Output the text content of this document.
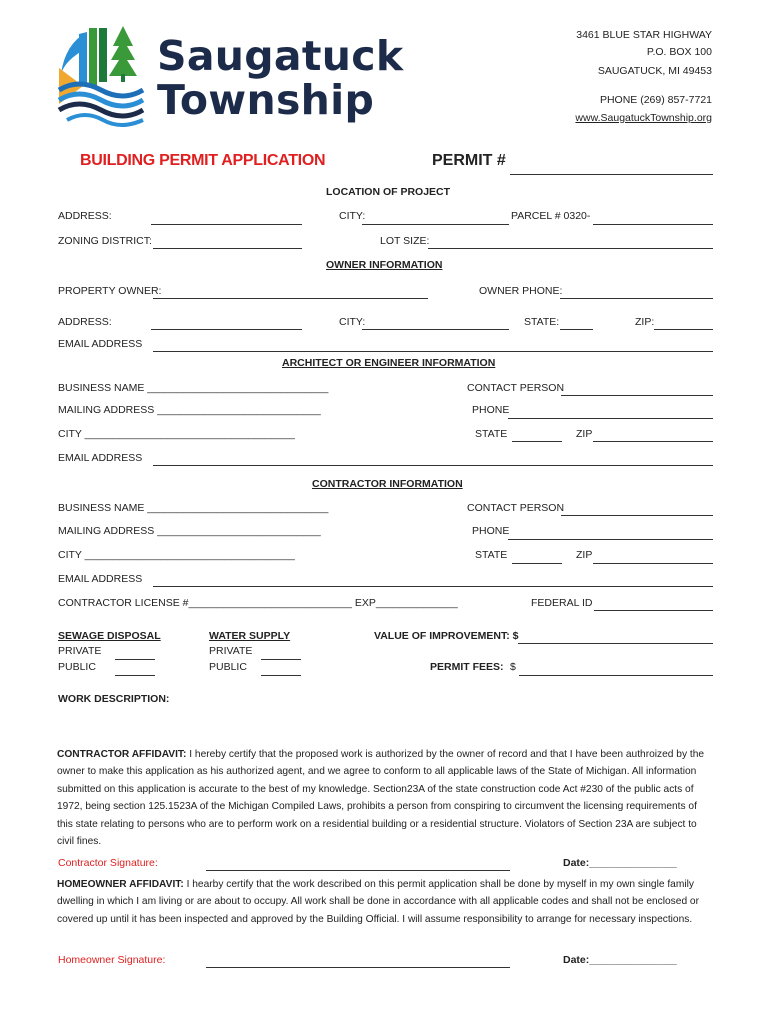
Saugatuck
Township
3461 BLUE STAR HIGHWAY
P.O. BOX 100
SAUGATUCK, MI 49453
PHONE (269) 857-7721
www.SaugatuckTownship.org
BUILDING PERMIT APPLICATION	PERMIT #
LOCATION OF PROJECT
ADDRESS:	CITY:	PARCEL # 0320-
ZONING DISTRICT:	LOT SIZE:
OWNER INFORMATION
PROPERTY OWNER:	OWNER PHONE:
ADDRESS:	CITY:	STATE:	ZIP:
EMAIL ADDRESS
ARCHITECT OR ENGINEER INFORMATION
BUSINESS NAME _______________________________	CONTACT PERSON
MAILING ADDRESS ____________________________	PHONE
CITY ____________________________________	STATE	ZIP
EMAIL ADDRESS
CONTRACTOR INFORMATION
BUSINESS NAME _______________________________	CONTACT PERSON
MAILING ADDRESS ____________________________	PHONE
CITY ____________________________________	STATE	ZIP
EMAIL ADDRESS
CONTRACTOR LICENSE #____________________________ EXP______________	FEDERAL ID
SEWAGE DISPOSAL
PRIVATE
PUBLIC
WATER SUPPLY
PRIVATE
PUBLIC
VALUE OF IMPROVEMENT: $
PERMIT FEES: $
WORK DESCRIPTION:
CONTRACTOR AFFIDAVIT: I hereby certify that the proposed work is authorized by the owner of record and that I have been authroized by the owner to make this application as his authorized agent, and we agree to conform to all applicable laws of the State of Michigan. All information submitted on this application is accurate to the best of my knowledge. Section23A of the state construction code Act #230 of the public acts of 1972, being section 125.1523A of the Michigan Compiled Laws, prohibits a person from conspiring to circumvent the licensing requirements of this state relating to persons who are to perform work on a residential building or a residential structure. Violators of Section 23A are subject to civil fines.
Contractor Signature:	Date:_______________
HOMEOWNER AFFIDAVIT: I hearby certify that the work described on this permit application shall be done by myself in my own single family dwelling in which I am living or are about to occupy. All work shall be done in accordance with all applicable codes and shall not be enclosed or covered up until it has been inspected and approved by the Building Official. I will assume responsibility to arrange for necessary inspections.
Homeowner Signature:	Date:_______________
